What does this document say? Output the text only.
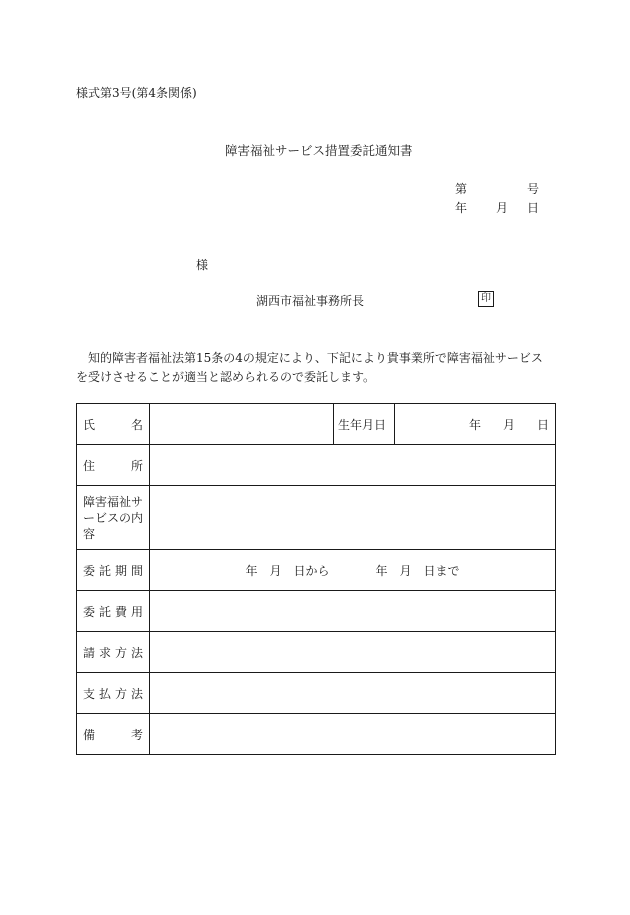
様式第3号(第4条関係)
障害福祉サービス措置委託通知書
第	号
年 月 日
様
湖西市福祉事務所長	印
知的障害者福祉法第15条の4の規定により、下記により貴事業所で障害福祉サービスを受けさせることが適当と認められるので委託します。
氏 名		生年月日	年 月 日

住 所			

障害福祉サービスの内容			

委 託 期 間	年 月 日から 年 月 日まで		

委 託 費 用			

請 求 方 法			

支 払 方 法			

備 考			
